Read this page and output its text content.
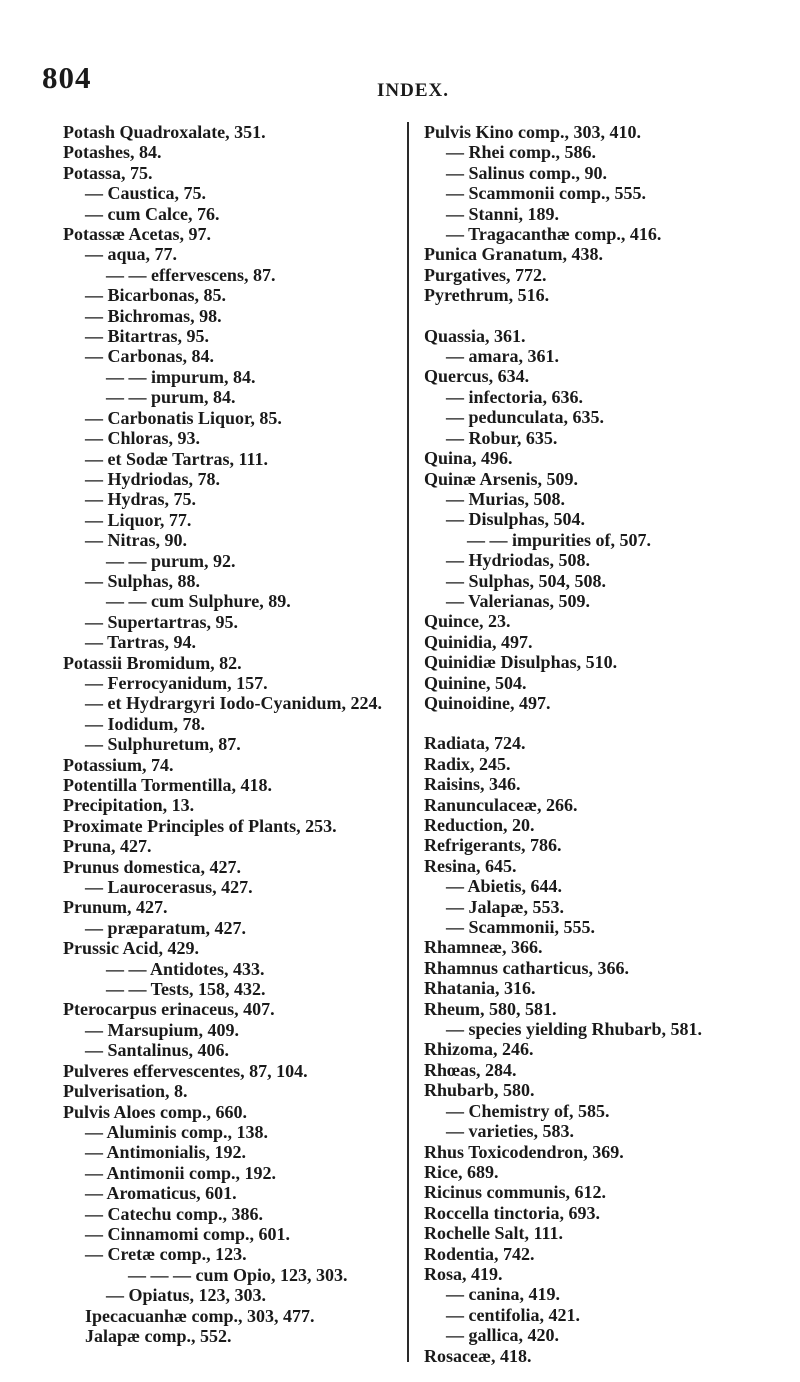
804	INDEX.

Potash Quadroxalate, 351.

Potashes, 84.

Potassa, 75.

— Caustica, 75.

— cum Calce, 76.

Potassæ Acetas, 97.

— aqua, 77.

— — effervescens, 87.

— Bicarbonas, 85.

— Bichromas, 98.

— Bitartras, 95.

— Carbonas, 84.

— — impurum, 84.

— — purum, 84.

— Carbonatis Liquor, 85.

— Chloras, 93.

— et Sodæ Tartras, 111.

— Hydriodas, 78.

— Hydras, 75.

— Liquor, 77.

— Nitras, 90.

— — purum, 92.

— Sulphas, 88.

— — cum Sulphure, 89.

— Supertartras, 95.

— Tartras, 94.

Potassii Bromidum, 82.

— Ferrocyanidum, 157.

— et Hydrargyri Iodo-Cyanidum, 224.

— Iodidum, 78.

— Sulphuretum, 87.

Potassium, 74.

Potentilla Tormentilla, 418.

Precipitation, 13.

Proximate Principles of Plants, 253.

Pruna, 427.

Prunus domestica, 427.

— Laurocerasus, 427.

Prunum, 427.

— præparatum, 427.

Prussic Acid, 429.

— — Antidotes, 433.

— — Tests, 158, 432.

Pterocarpus erinaceus, 407.

— Marsupium, 409.

— Santalinus, 406.

Pulveres effervescentes, 87, 104.

Pulverisation, 8.

Pulvis Aloes comp., 660.

— Aluminis comp., 138.

— Antimonialis, 192.

— Antimonii comp., 192.

— Aromaticus, 601.

— Catechu comp., 386.

— Cinnamomi comp., 601.

— Cretæ comp., 123.

— — — cum Opio, 123, 303.

— Opiatus, 123, 303.

Ipecacuanhæ comp., 303, 477.

Jalapæ comp., 552.

Pulvis Kino comp., 303, 410.

— Rhei comp., 586.

— Salinus comp., 90.

— Scammonii comp., 555.

— Stanni, 189.

— Tragacanthæ comp., 416.

Punica Granatum, 438.

Purgatives, 772.

Pyrethrum, 516.

Quassia, 361.

— amara, 361.

Quercus, 634.

— infectoria, 636.

— pedunculata, 635.

— Robur, 635.

Quina, 496.

Quinæ Arsenis, 509.

— Murias, 508.

— Disulphas, 504.

— — impurities of, 507.

— Hydriodas, 508.

— Sulphas, 504, 508.

— Valerianas, 509.

Quince, 23.

Quinidia, 497.

Quinidiæ Disulphas, 510.

Quinine, 504.

Quinoidine, 497.

Radiata, 724.

Radix, 245.

Raisins, 346.

Ranunculaceæ, 266.

Reduction, 20.

Refrigerants, 786.

Resina, 645.

— Abietis, 644.

— Jalapæ, 553.

— Scammonii, 555.

Rhamneæ, 366.

Rhamnus catharticus, 366.

Rhatania, 316.

Rheum, 580, 581.

— species yielding Rhubarb, 581.

Rhizoma, 246.

Rhœas, 284.

Rhubarb, 580.

— Chemistry of, 585.

— varieties, 583.

Rhus Toxicodendron, 369.

Rice, 689.

Ricinus communis, 612.

Roccella tinctoria, 693.

Rochelle Salt, 111.

Rodentia, 742.

Rosa, 419.

— canina, 419.

— centifolia, 421.

— gallica, 420.

Rosaceæ, 418.
